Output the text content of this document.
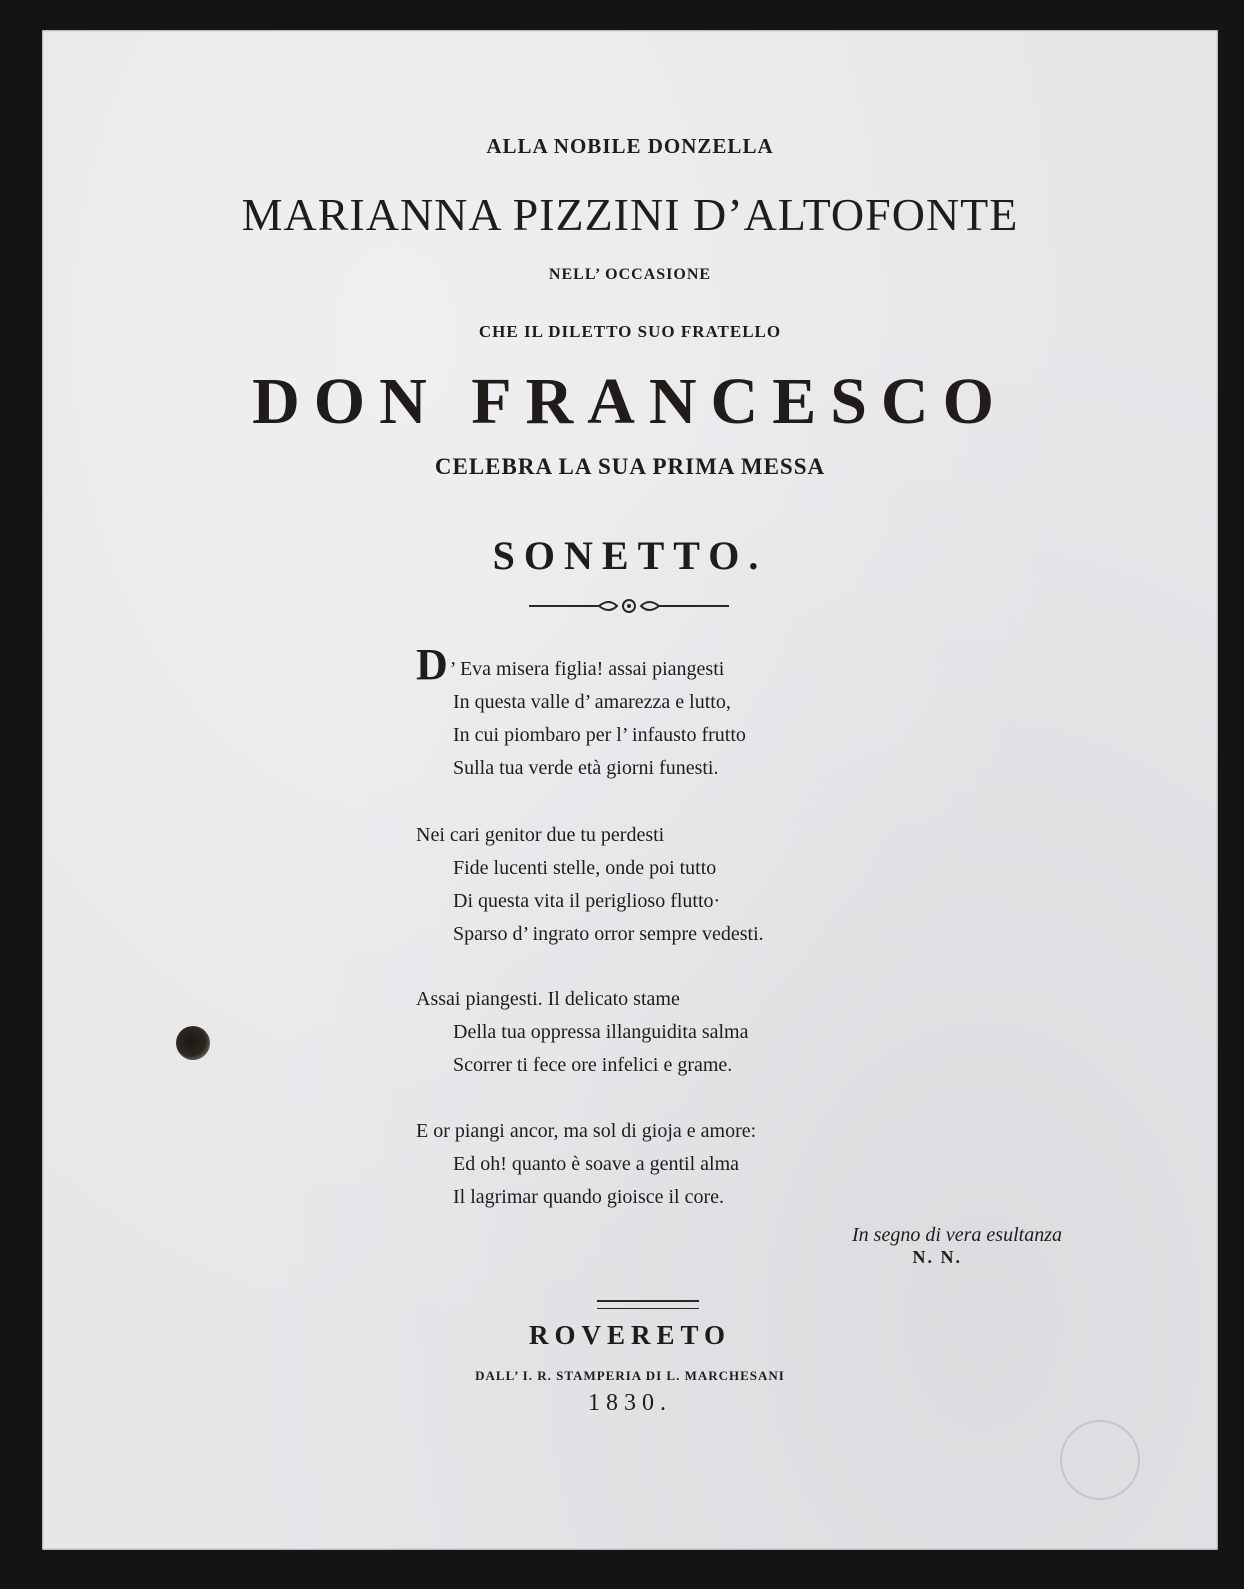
ALLA NOBILE DONZELLA
MARIANNA PIZZINI D’ALTOFONTE
NELL’ OCCASIONE
CHE IL DILETTO SUO FRATELLO
DON FRANCESCO
CELEBRA LA SUA PRIMA MESSA
SONETTO.
D ’ Eva misera figlia! assai piangesti
In questa valle d’ amarezza e lutto,
In cui piombaro per l’ infausto frutto
Sulla tua verde età giorni funesti.
Nei cari genitor due tu perdesti
Fide lucenti stelle, onde poi tutto
Di questa vita il periglioso flutto·
Sparso d’ ingrato orror sempre vedesti.
Assai piangesti. Il delicato stame
Della tua oppressa illanguidita salma
Scorrer ti fece ore infelici e grame.
E or piangi ancor, ma sol di gioja e amore:
Ed oh! quanto è soave a gentil alma
Il lagrimar quando gioisce il core.
In segno di vera esultanza
N. N.
ROVERETO
DALL’ I. R. STAMPERIA DI L. MARCHESANI
1830.
